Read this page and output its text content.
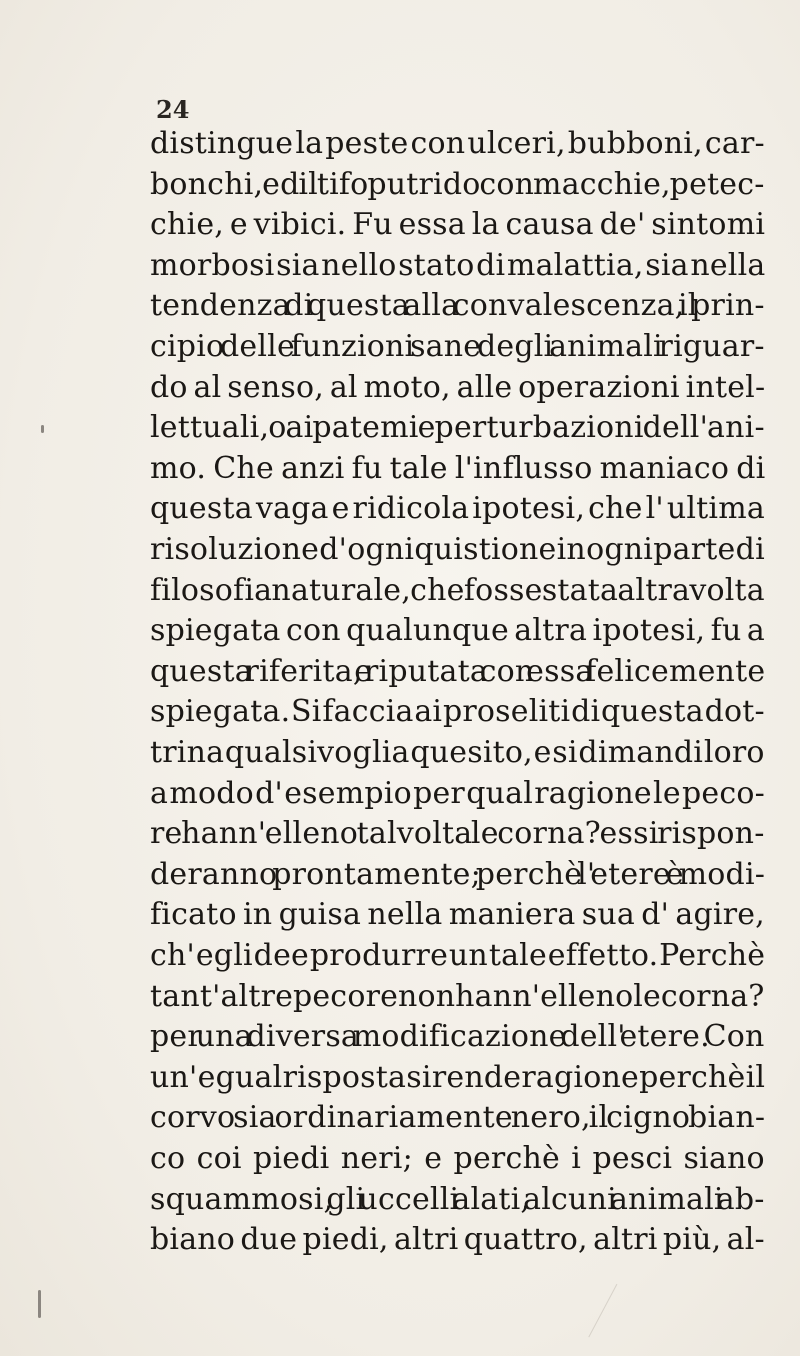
24
distingue la peste con ulceri, bubboni, car-
bonchi, ed il tifo putrido con macchie, petec-
chie, e vibici. Fu essa la causa de' sintomi
morbosi sia nello stato di malattia, sia nella
tendenza di questa alla convalescenza, il prin-
cipio delle funzioni sane degli animali riguar-
do al senso, al moto, alle operazioni intel-
lettuali, o ai patemi e perturbazioni dell' ani-
mo. Che anzi fu tale l'influsso maniaco di
questa vaga e ridicola ipotesi, che l' ultima
risoluzione d' ogni quistione in ogni parte di
filosofia naturale, che fosse stata altra volta
spiegata con qualunque altra ipotesi, fu a
questa riferita, e riputata con essa felicemente
spiegata. Si faccia ai proseliti di questa dot-
trina qualsivoglia quesito, e si dimandi loro
a modo d' esempio per qual ragione le peco-
re hann' elleno talvolta le corna? essi rispon-
deranno prontamente; perchè l' etere è modi-
ficato in guisa nella maniera sua d' agire,
ch' egli dee produrre un tale effetto. Perchè
tant' altre pecore non hann' elleno le corna?
per una diversa modificazione dell' etere. Con
un' egual risposta si rende ragione perchè il
corvo sia ordinariamente nero, il cigno bian-
co coi piedi neri; e perchè i pesci siano
squammosi, gli uccelli alati, alcuni animali ab-
biano due piedi, altri quattro, altri più, al-
